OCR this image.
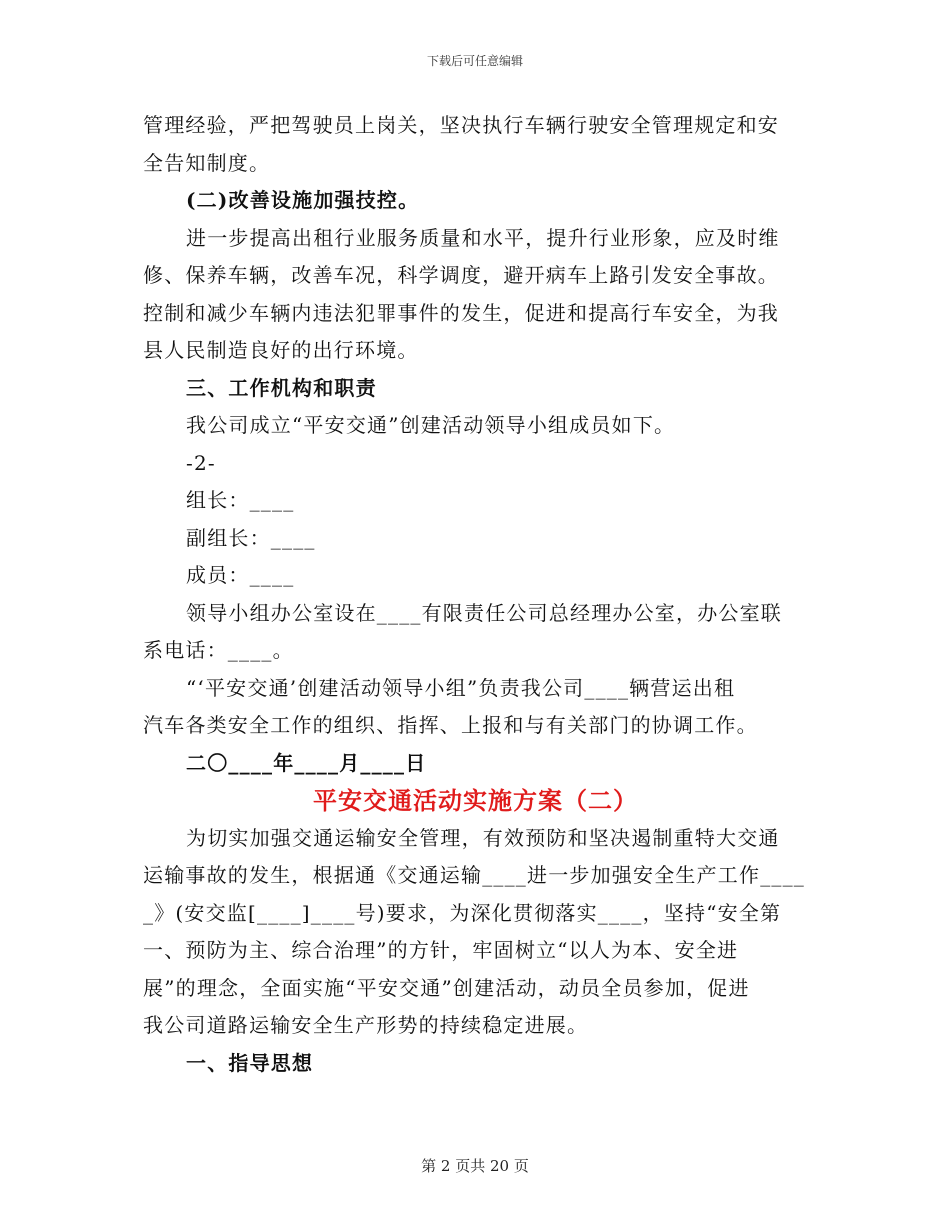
下载后可任意编辑
管理经验，严把驾驶员上岗关，坚决执行车辆行驶安全管理规定和安
全告知制度。
(二)改善设施加强技控。
进一步提高出租行业服务质量和水平，提升行业形象，应及时维
修、保养车辆，改善车况，科学调度，避开病车上路引发安全事故。
控制和减少车辆内违法犯罪事件的发生，促进和提高行车安全，为我
县人民制造良好的出行环境。
三、工作机构和职责
我公司成立“平安交通”创建活动领导小组成员如下。
-2-
组长：____
副组长：____
成员：____
领导小组办公室设在____有限责任公司总经理办公室，办公室联
系电话：____。
“‘平安交通’创建活动领导小组”负责我公司____辆营运出租
汽车各类安全工作的组织、指挥、上报和与有关部门的协调工作。
二〇____年____月____日
平安交通活动实施方案（二）
为切实加强交通运输安全管理，有效预防和坚决遏制重特大交通
运输事故的发生，根据通《交通运输____进一步加强安全生产工作____
_》(安交监[____]____号)要求，为深化贯彻落实____，坚持“安全第
一、预防为主、综合治理”的方针，牢固树立“以人为本、安全进
展”的理念，全面实施“平安交通”创建活动，动员全员参加，促进
我公司道路运输安全生产形势的持续稳定进展。
一、指导思想
第 2 页共 20 页
